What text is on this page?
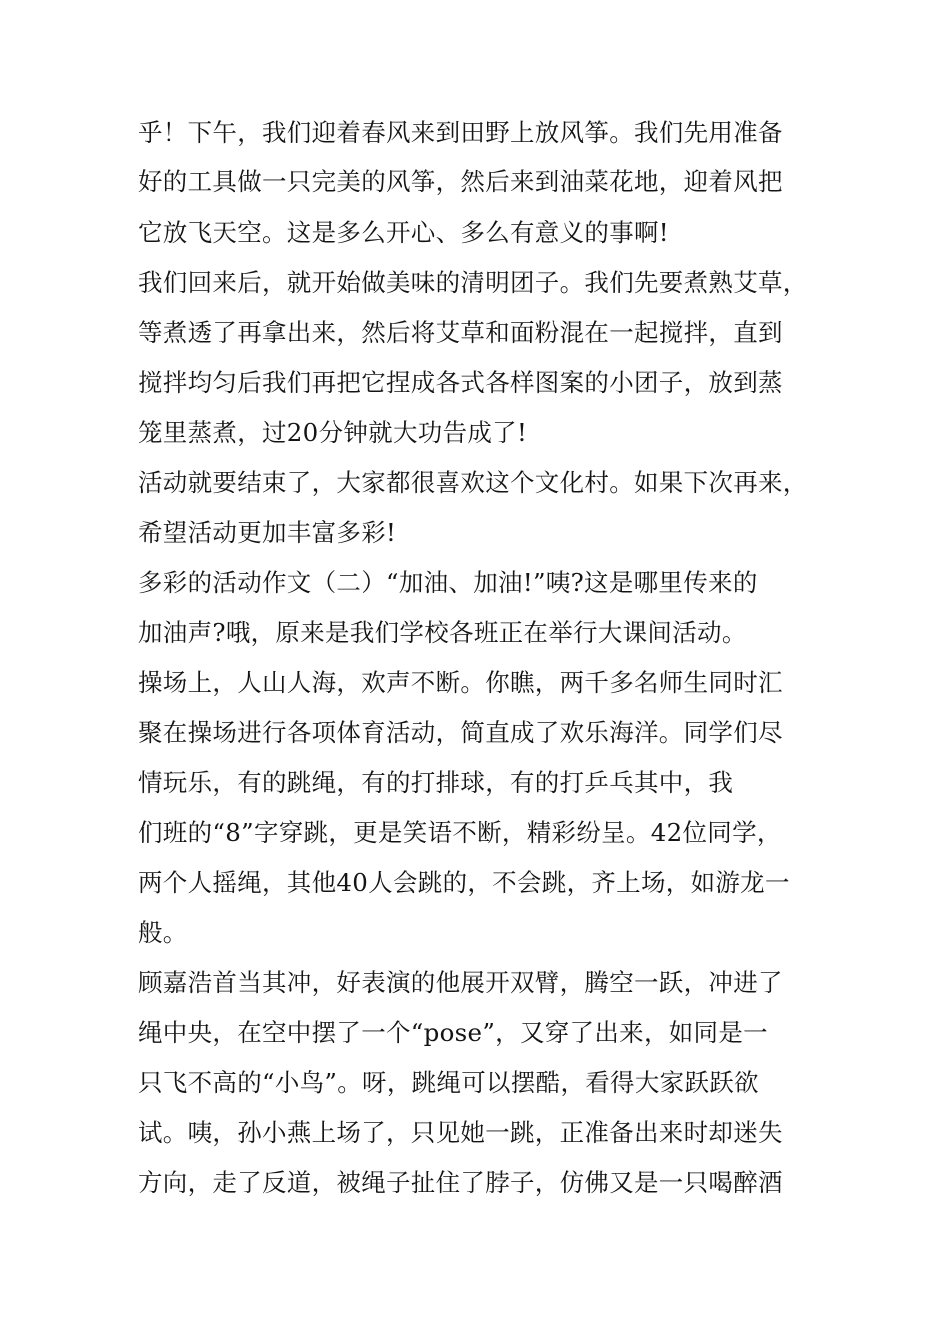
乎！下午，我们迎着春风来到田野上放风筝。我们先用准备
好的工具做一只完美的风筝，然后来到油菜花地，迎着风把
它放飞天空。这是多么开心、多么有意义的事啊!
我们回来后，就开始做美味的清明团子。我们先要煮熟艾草，
等煮透了再拿出来，然后将艾草和面粉混在一起搅拌，直到
搅拌均匀后我们再把它捏成各式各样图案的小团子，放到蒸
笼里蒸煮，过20分钟就大功告成了!
活动就要结束了，大家都很喜欢这个文化村。如果下次再来，
希望活动更加丰富多彩!
多彩的活动作文（二）“加油、加油!”咦?这是哪里传来的
加油声?哦，原来是我们学校各班正在举行大课间活动。
操场上，人山人海，欢声不断。你瞧，两千多名师生同时汇
聚在操场进行各项体育活动，简直成了欢乐海洋。同学们尽
情玩乐，有的跳绳，有的打排球，有的打乒乓其中，我
们班的“8”字穿跳，更是笑语不断，精彩纷呈。42位同学，
两个人摇绳，其他40人会跳的，不会跳，齐上场，如游龙一
般。
顾嘉浩首当其冲，好表演的他展开双臂，腾空一跃，冲进了
绳中央，在空中摆了一个“pose”，又穿了出来，如同是一
只飞不高的“小鸟”。呀，跳绳可以摆酷，看得大家跃跃欲
试。咦，孙小燕上场了，只见她一跳，正准备出来时却迷失
方向，走了反道，被绳子扯住了脖子，仿佛又是一只喝醉酒
